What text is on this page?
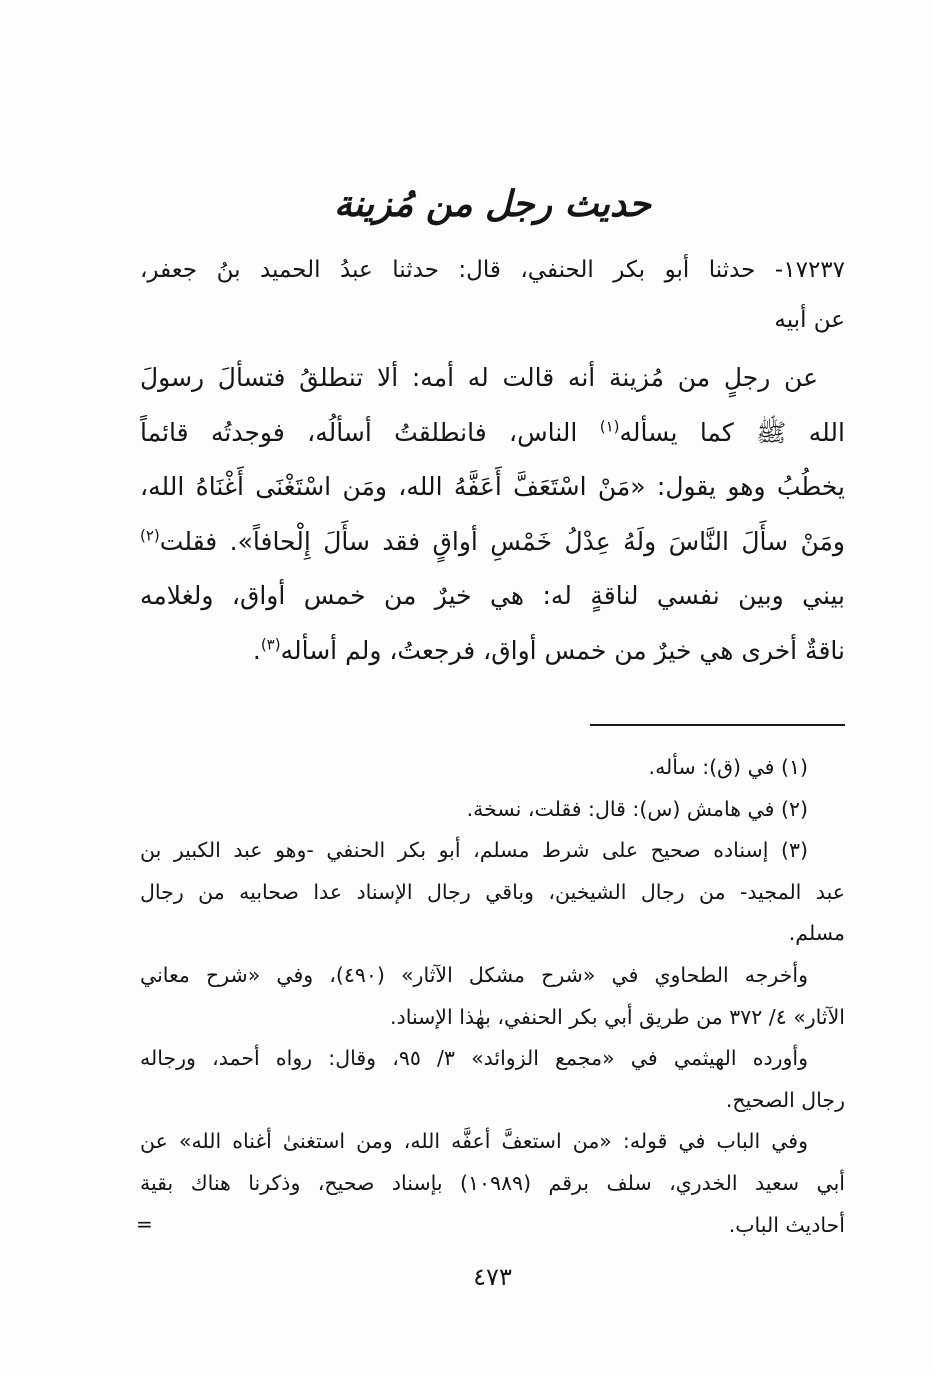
حديث رجل من مُزينة
١٧٢٣٧- حدثنا أبو بكر الحنفي، قال: حدثنا عبدُ الحميد بنُ جعفر،
عن أبيه
عن رجلٍ من مُزينة أنه قالت له أمه: ألا تنطلقُ فتسألَ رسولَ
الله ﷺ كما يسأله$^{(١)}$ الناس، فانطلقتُ أسألُه، فوجدتُه قائماً
يخطُبُ وهو يقول: «مَنْ اسْتَعَفَّ أَعَفَّهُ الله، ومَن اسْتَغْنَى أَغْنَاهُ الله،
ومَنْ سأَلَ النَّاسَ ولَهُ عِدْلُ خَمْسِ أواقٍ فقد سأَلَ إِلْحافاً». فقلت$^{(٢)}$
بيني وبين نفسي لناقةٍ له: هي خيرٌ من خمس أواق، ولغلامه
ناقةٌ أخرى هي خيرٌ من خمس أواق، فرجعتُ، ولم أسأله$^{(٣)}$.
(١) في (ق): سأله.
(٢) في هامش (س): قال: فقلت، نسخة.
(٣) إسناده صحيح على شرط مسلم، أبو بكر الحنفي -وهو عبد الكبير بن
عبد المجيد- من رجال الشيخين، وباقي رجال الإسناد عدا صحابيه من رجال
مسلم.
وأخرجه الطحاوي في «شرح مشكل الآثار» (٤٩٠)، وفي «شرح معاني
الآثار» ٤/ ٣٧٢ من طريق أبي بكر الحنفي، بهٰذا الإسناد.
وأورده الهيثمي في «مجمع الزوائد» ٣/ ٩٥، وقال: رواه أحمد، ورجاله
رجال الصحيح.
وفي الباب في قوله: «من استعفَّ أعفَّه الله، ومن استغنىٰ أغناه الله» عن
أبي سعيد الخدري، سلف برقم (١٠٩٨٩) بإسناد صحيح، وذكرنا هناك بقية
أحاديث الباب.
=
٤٧٣
